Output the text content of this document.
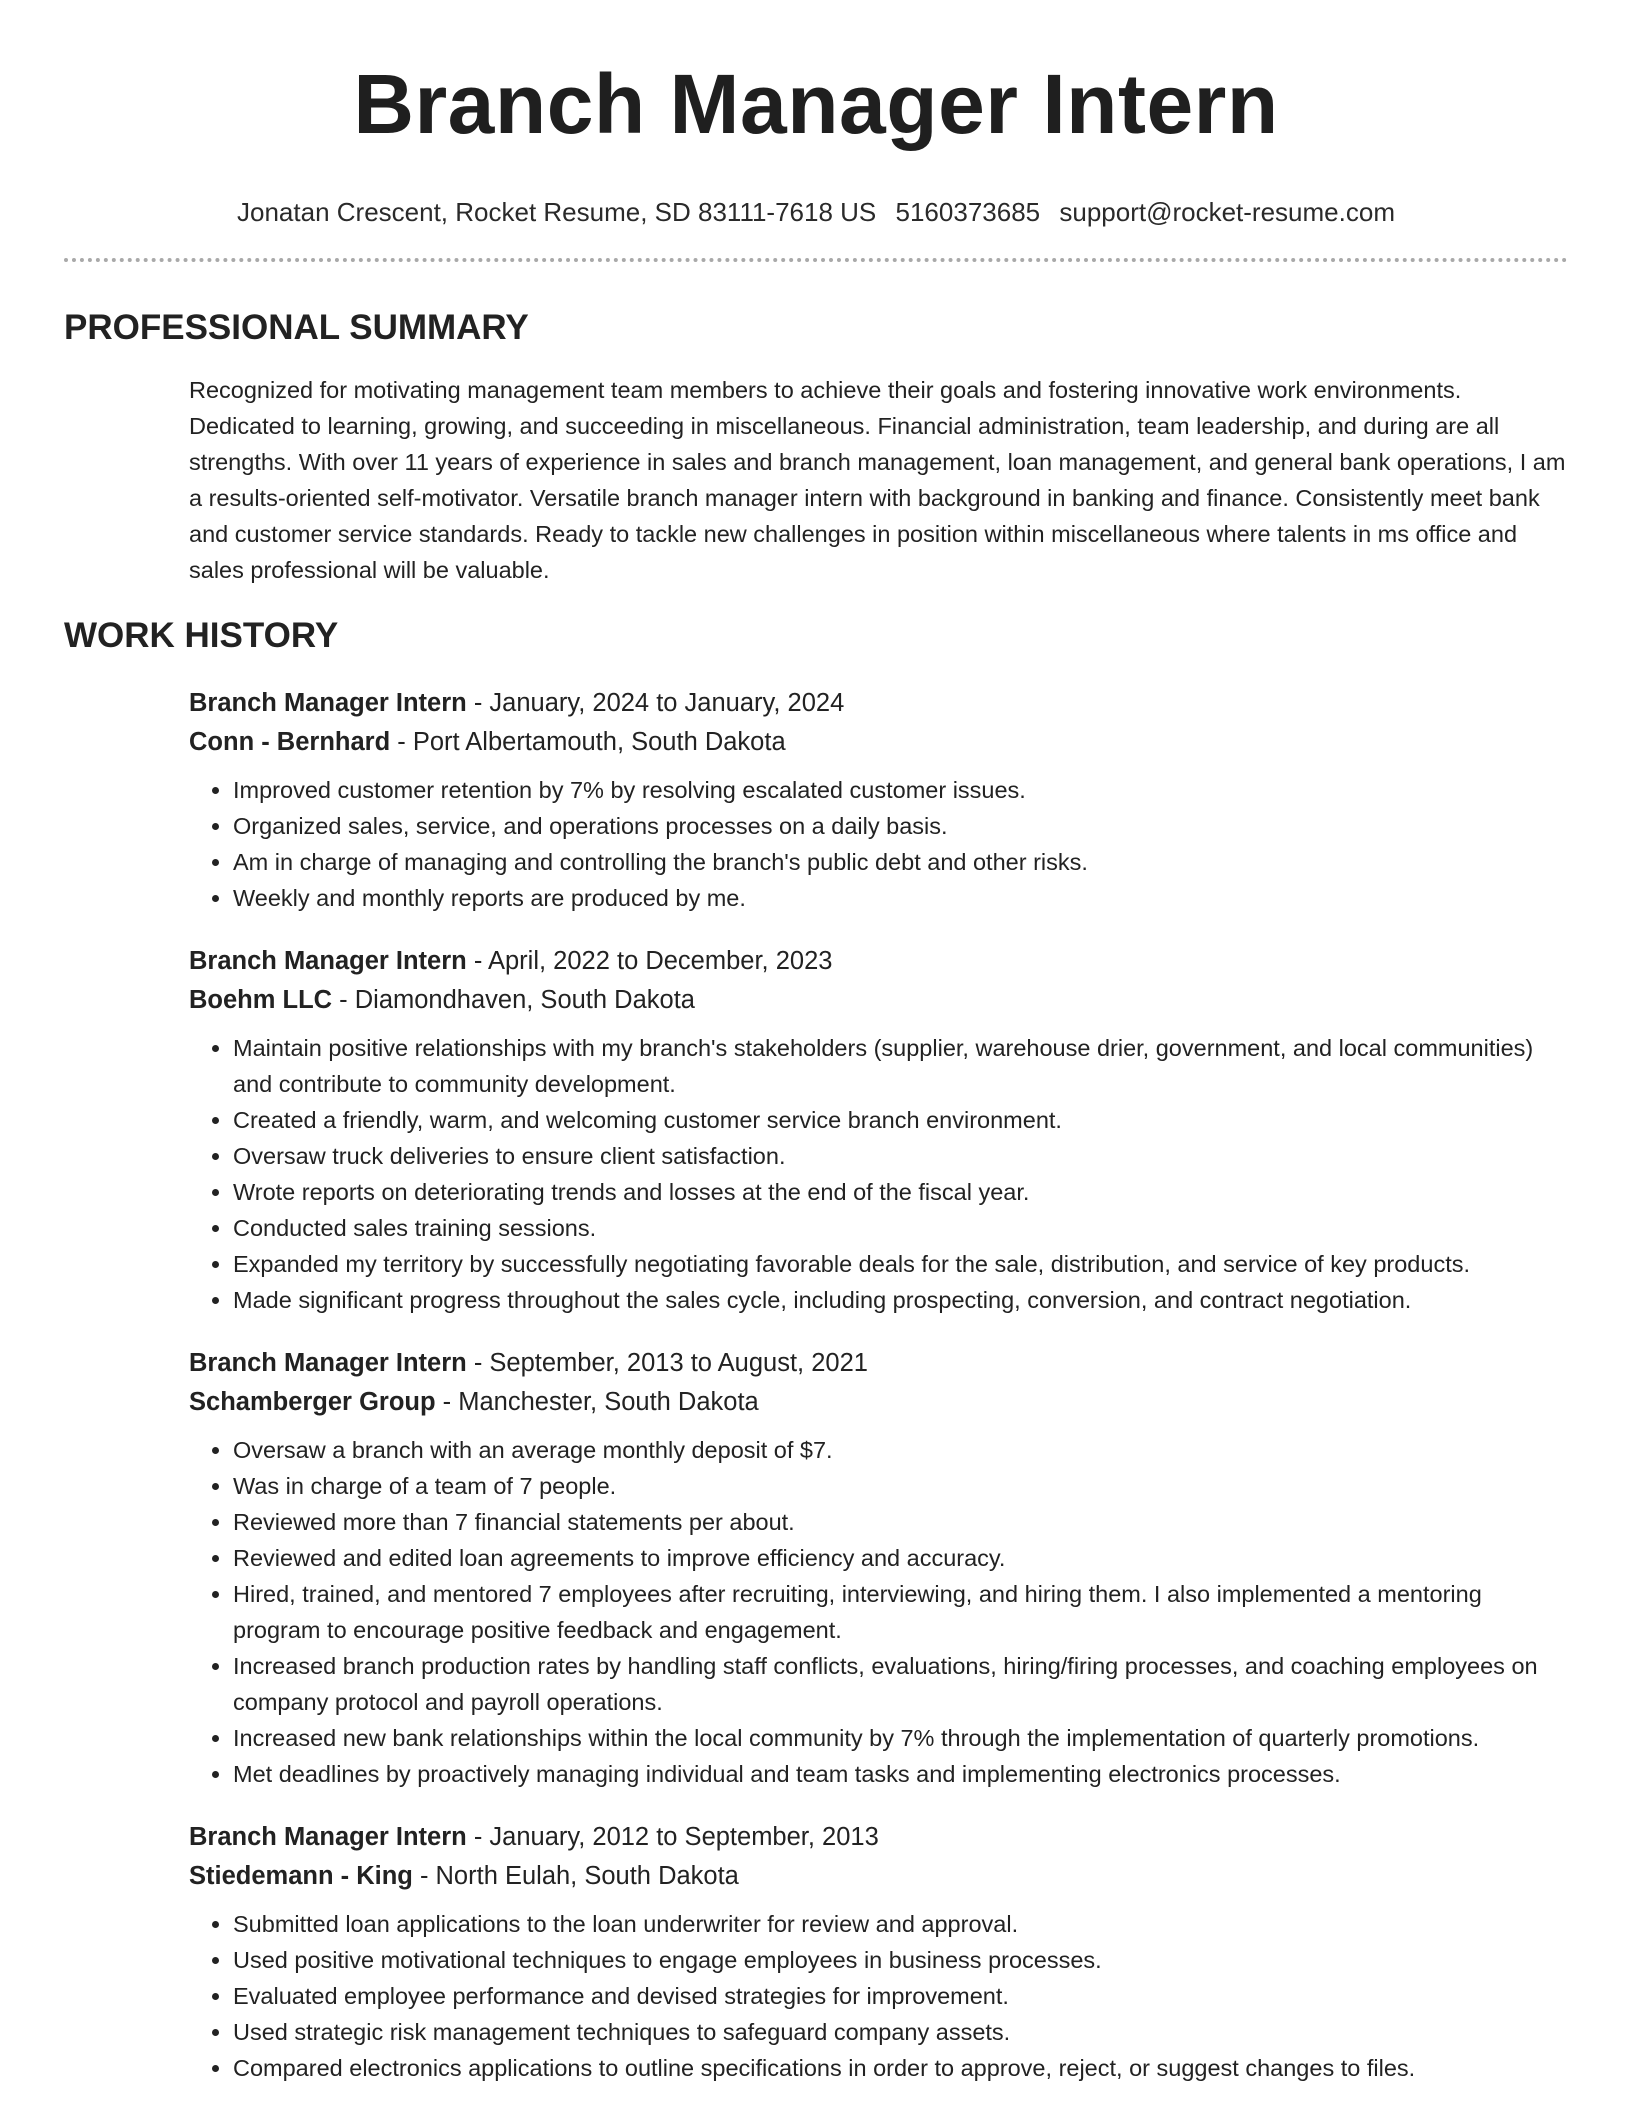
Branch Manager Intern
Jonatan Crescent, Rocket Resume, SD 83111-7618 US 5160373685 support@rocket-resume.com
PROFESSIONAL SUMMARY
Recognized for motivating management team members to achieve their goals and fostering innovative work environments. Dedicated to learning, growing, and succeeding in miscellaneous. Financial administration, team leadership, and during are all strengths. With over 11 years of experience in sales and branch management, loan management, and general bank operations, I am a results-oriented self-motivator. Versatile branch manager intern with background in banking and finance. Consistently meet bank and customer service standards. Ready to tackle new challenges in position within miscellaneous where talents in ms office and sales professional will be valuable.
WORK HISTORY
Branch Manager Intern - January, 2024 to January, 2024
Conn - Bernhard - Port Albertamouth, South Dakota
• Improved customer retention by 7% by resolving escalated customer issues.
• Organized sales, service, and operations processes on a daily basis.
• Am in charge of managing and controlling the branch's public debt and other risks.
• Weekly and monthly reports are produced by me.
Branch Manager Intern - April, 2022 to December, 2023
Boehm LLC - Diamondhaven, South Dakota
• Maintain positive relationships with my branch's stakeholders (supplier, warehouse drier, government, and local communities) and contribute to community development.
• Created a friendly, warm, and welcoming customer service branch environment.
• Oversaw truck deliveries to ensure client satisfaction.
• Wrote reports on deteriorating trends and losses at the end of the fiscal year.
• Conducted sales training sessions.
• Expanded my territory by successfully negotiating favorable deals for the sale, distribution, and service of key products.
• Made significant progress throughout the sales cycle, including prospecting, conversion, and contract negotiation.
Branch Manager Intern - September, 2013 to August, 2021
Schamberger Group - Manchester, South Dakota
• Oversaw a branch with an average monthly deposit of $7.
• Was in charge of a team of 7 people.
• Reviewed more than 7 financial statements per about.
• Reviewed and edited loan agreements to improve efficiency and accuracy.
• Hired, trained, and mentored 7 employees after recruiting, interviewing, and hiring them. I also implemented a mentoring program to encourage positive feedback and engagement.
• Increased branch production rates by handling staff conflicts, evaluations, hiring/firing processes, and coaching employees on company protocol and payroll operations.
• Increased new bank relationships within the local community by 7% through the implementation of quarterly promotions.
• Met deadlines by proactively managing individual and team tasks and implementing electronics processes.
Branch Manager Intern - January, 2012 to September, 2013
Stiedemann - King - North Eulah, South Dakota
• Submitted loan applications to the loan underwriter for review and approval.
• Used positive motivational techniques to engage employees in business processes.
• Evaluated employee performance and devised strategies for improvement.
• Used strategic risk management techniques to safeguard company assets.
• Compared electronics applications to outline specifications in order to approve, reject, or suggest changes to files.
